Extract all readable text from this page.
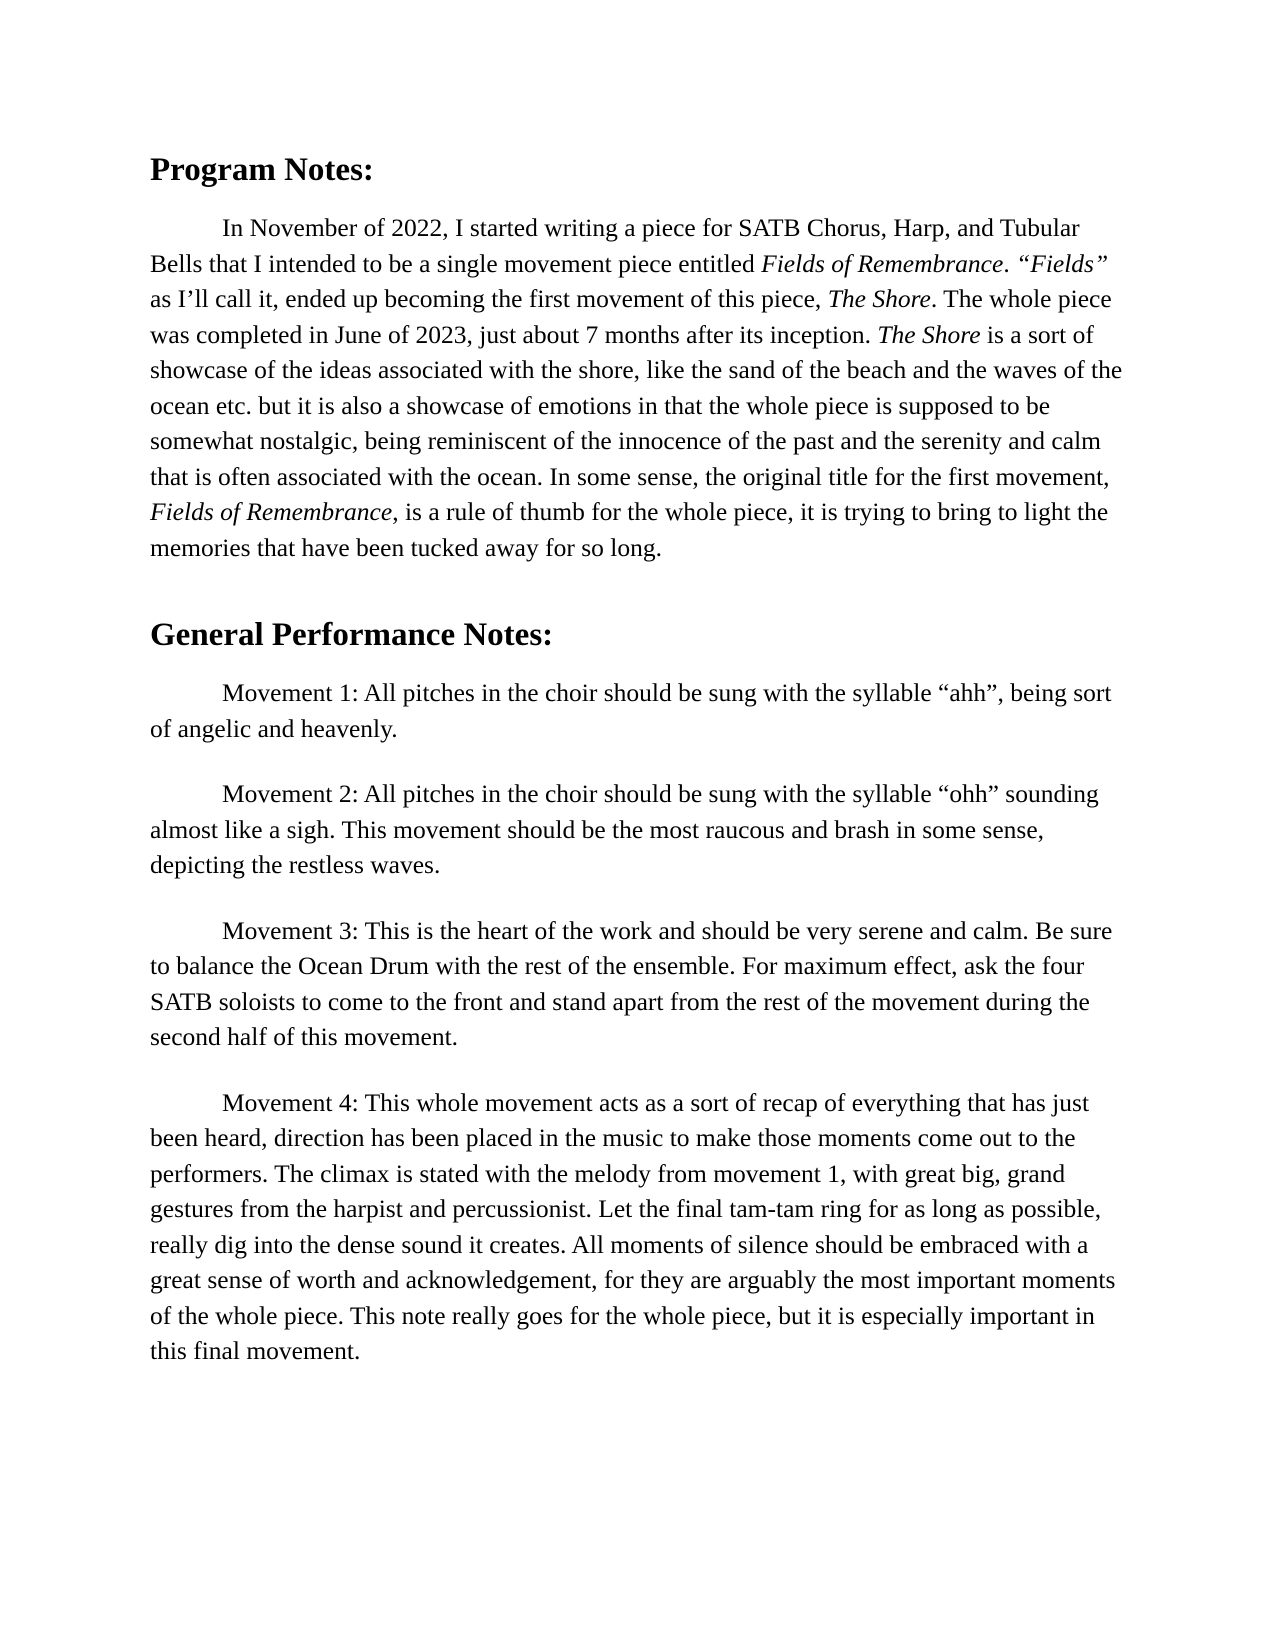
Program Notes:

In November of 2022, I started writing a piece for SATB Chorus, Harp, and Tubular Bells that I intended to be a single movement piece entitled Fields of Remembrance. “Fields” as I’ll call it, ended up becoming the first movement of this piece, The Shore. The whole piece was completed in June of 2023, just about 7 months after its inception. The Shore is a sort of showcase of the ideas associated with the shore, like the sand of the beach and the waves of the ocean etc. but it is also a showcase of emotions in that the whole piece is supposed to be somewhat nostalgic, being reminiscent of the innocence of the past and the serenity and calm that is often associated with the ocean. In some sense, the original title for the first movement, Fields of Remembrance, is a rule of thumb for the whole piece, it is trying to bring to light the memories that have been tucked away for so long.

General Performance Notes:

Movement 1: All pitches in the choir should be sung with the syllable “ahh”, being sort of angelic and heavenly.

Movement 2: All pitches in the choir should be sung with the syllable “ohh” sounding almost like a sigh. This movement should be the most raucous and brash in some sense, depicting the restless waves.

Movement 3: This is the heart of the work and should be very serene and calm. Be sure to balance the Ocean Drum with the rest of the ensemble. For maximum effect, ask the four SATB soloists to come to the front and stand apart from the rest of the movement during the second half of this movement.

Movement 4: This whole movement acts as a sort of recap of everything that has just been heard, direction has been placed in the music to make those moments come out to the performers. The climax is stated with the melody from movement 1, with great big, grand gestures from the harpist and percussionist. Let the final tam-tam ring for as long as possible, really dig into the dense sound it creates. All moments of silence should be embraced with a great sense of worth and acknowledgement, for they are arguably the most important moments of the whole piece. This note really goes for the whole piece, but it is especially important in this final movement.
